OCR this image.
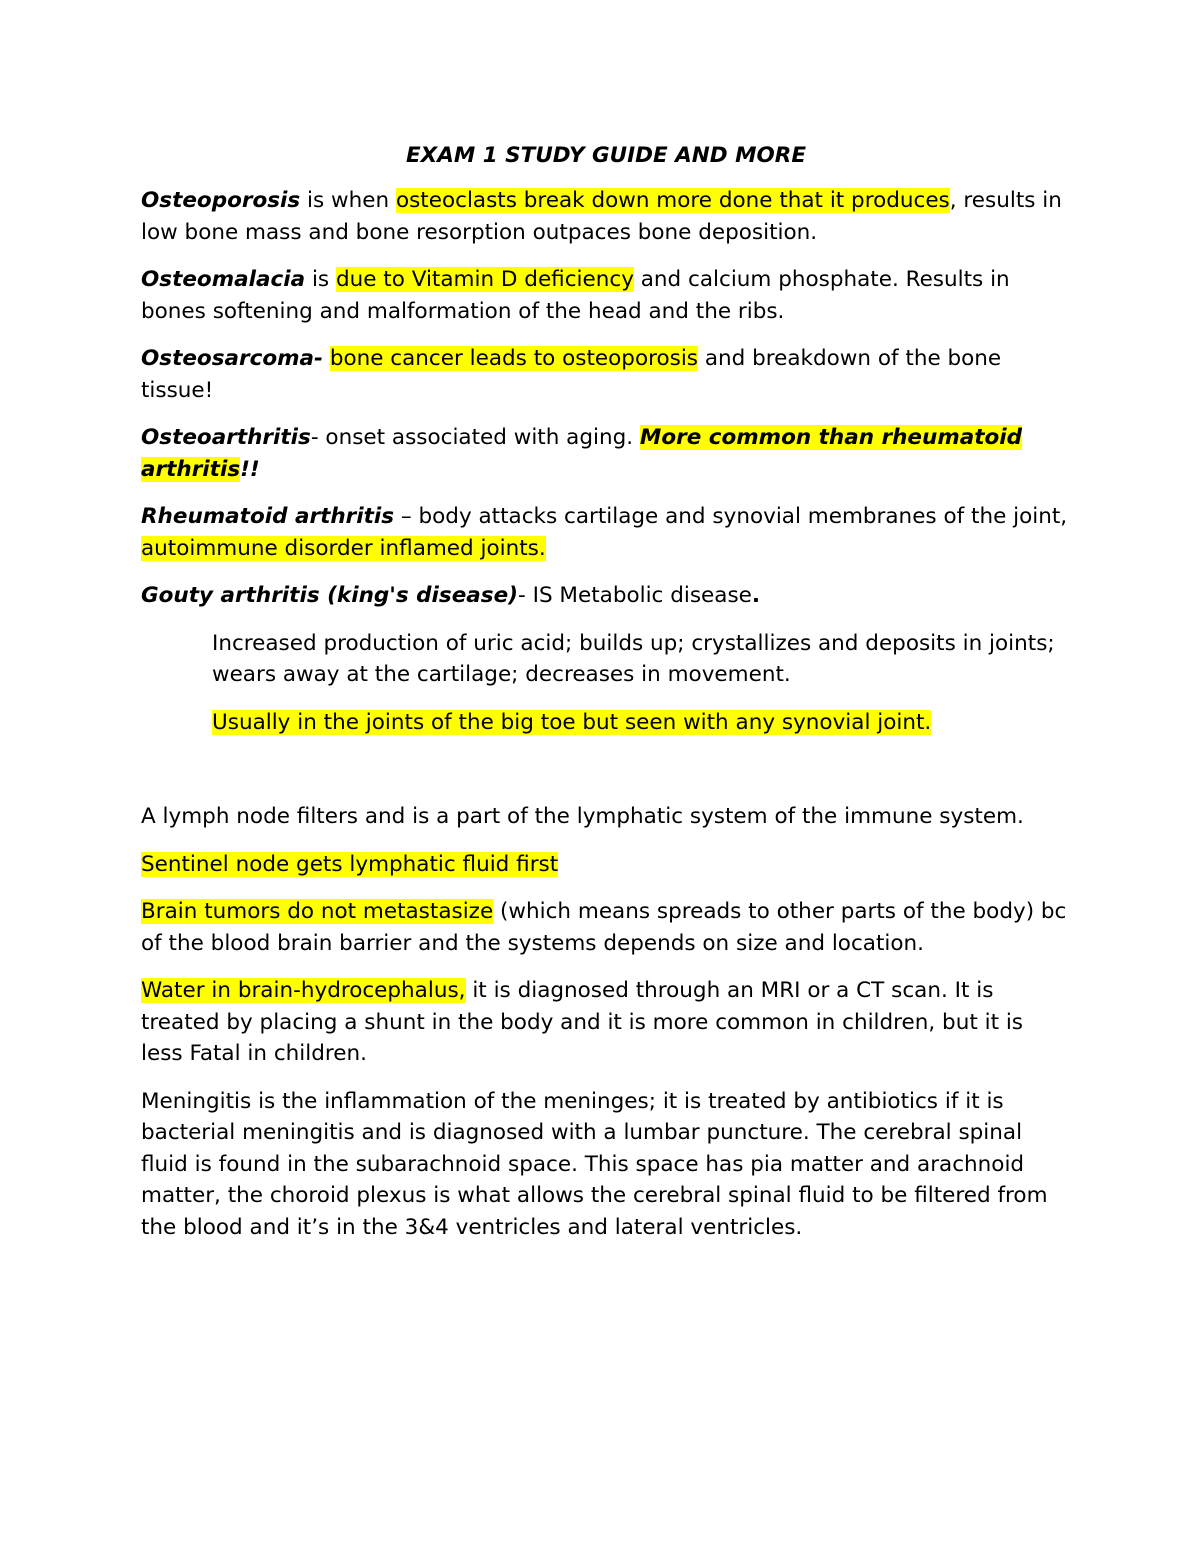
EXAM 1 STUDY GUIDE AND MORE

Osteoporosis is when osteoclasts break down more done that it produces, results in low bone mass and bone resorption outpaces bone deposition.

Osteomalacia is due to Vitamin D deficiency and calcium phosphate. Results in bones softening and malformation of the head and the ribs.

Osteosarcoma- bone cancer leads to osteoporosis and breakdown of the bone tissue!

Osteoarthritis- onset associated with aging. More common than rheumatoid arthritis!!

Rheumatoid arthritis – body attacks cartilage and synovial membranes of the joint, autoimmune disorder inflamed joints.

Gouty arthritis (king's disease)- IS Metabolic disease.

Increased production of uric acid; builds up; crystallizes and deposits in joints; wears away at the cartilage; decreases in movement.

Usually in the joints of the big toe but seen with any synovial joint.

A lymph node filters and is a part of the lymphatic system of the immune system.

Sentinel node gets lymphatic fluid first

Brain tumors do not metastasize (which means spreads to other parts of the body) bc of the blood brain barrier and the systems depends on size and location.

Water in brain-hydrocephalus, it is diagnosed through an MRI or a CT scan. It is treated by placing a shunt in the body and it is more common in children, but it is less Fatal in children.

Meningitis is the inflammation of the meninges; it is treated by antibiotics if it is bacterial meningitis and is diagnosed with a lumbar puncture. The cerebral spinal fluid is found in the subarachnoid space. This space has pia matter and arachnoid matter, the choroid plexus is what allows the cerebral spinal fluid to be filtered from the blood and it’s in the 3&4 ventricles and lateral ventricles.
